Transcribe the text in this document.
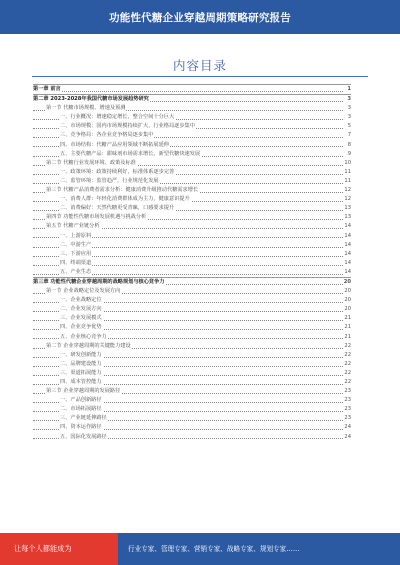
功能性代糖企业穿越周期策略研究报告
内容目录
第一章 前言	1
第二章 2023-2028年我国代糖市场发展趋势研究	3
第一节 代糖市场规模、增速及预测	3
一、行业概况：增速稳定增长，整合空间十分巨大	3
二、市场规模：国内市场规模持续扩大，行业格局逐步集中	5
三、竞争格局：各企业竞争格局逐步集中	7
四、市场结构：代糖产品应用领域不断拓展延伸	8
五、主要代糖产品：甜味剂市场需求增长，新型代糖快速发展	9
第二节 代糖行业发展环境、政策及标准	10
一、政策环境：政策持续利好，标准体系逐步完善	11
二、监管环境：监管趋严，行业规范化发展	11
第三节 代糖产品消费者需求分析：健康消费升级推动代糖需求增长	12
一、消费人群：年轻化消费群体成为主力，健康意识提升	12
二、消费偏好：天然代糖更受青睐，口感要求提升	13
第四节 功能性代糖市场发展机遇与挑战分析	13
第五节 代糖产业链分析	14
一、上游原料	14
二、中游生产	14
三、下游应用	14
四、终端渠道	14
五、产业生态	14
第三章 功能性代糖企业穿越周期的战略规划与核心竞争力	20
第一节 企业战略定位及发展方向	20
一、企业战略定位	20
二、企业发展方向	20
三、企业发展模式	21
四、企业竞争优势	21
五、企业核心竞争力	21
第二节 企业穿越周期的关键能力建设	22
一、研发创新能力	22
二、品牌建设能力	22
三、渠道拓展能力	22
四、成本管控能力	22
第三节 企业穿越周期的发展路径	23
一、产品创新路径	23
二、市场拓展路径	23
三、产业链延伸路径	23
四、资本运作路径	24
五、国际化发展路径	24
让每个人都能成为	行业专家、管理专家、营销专家、战略专家、规划专家……
